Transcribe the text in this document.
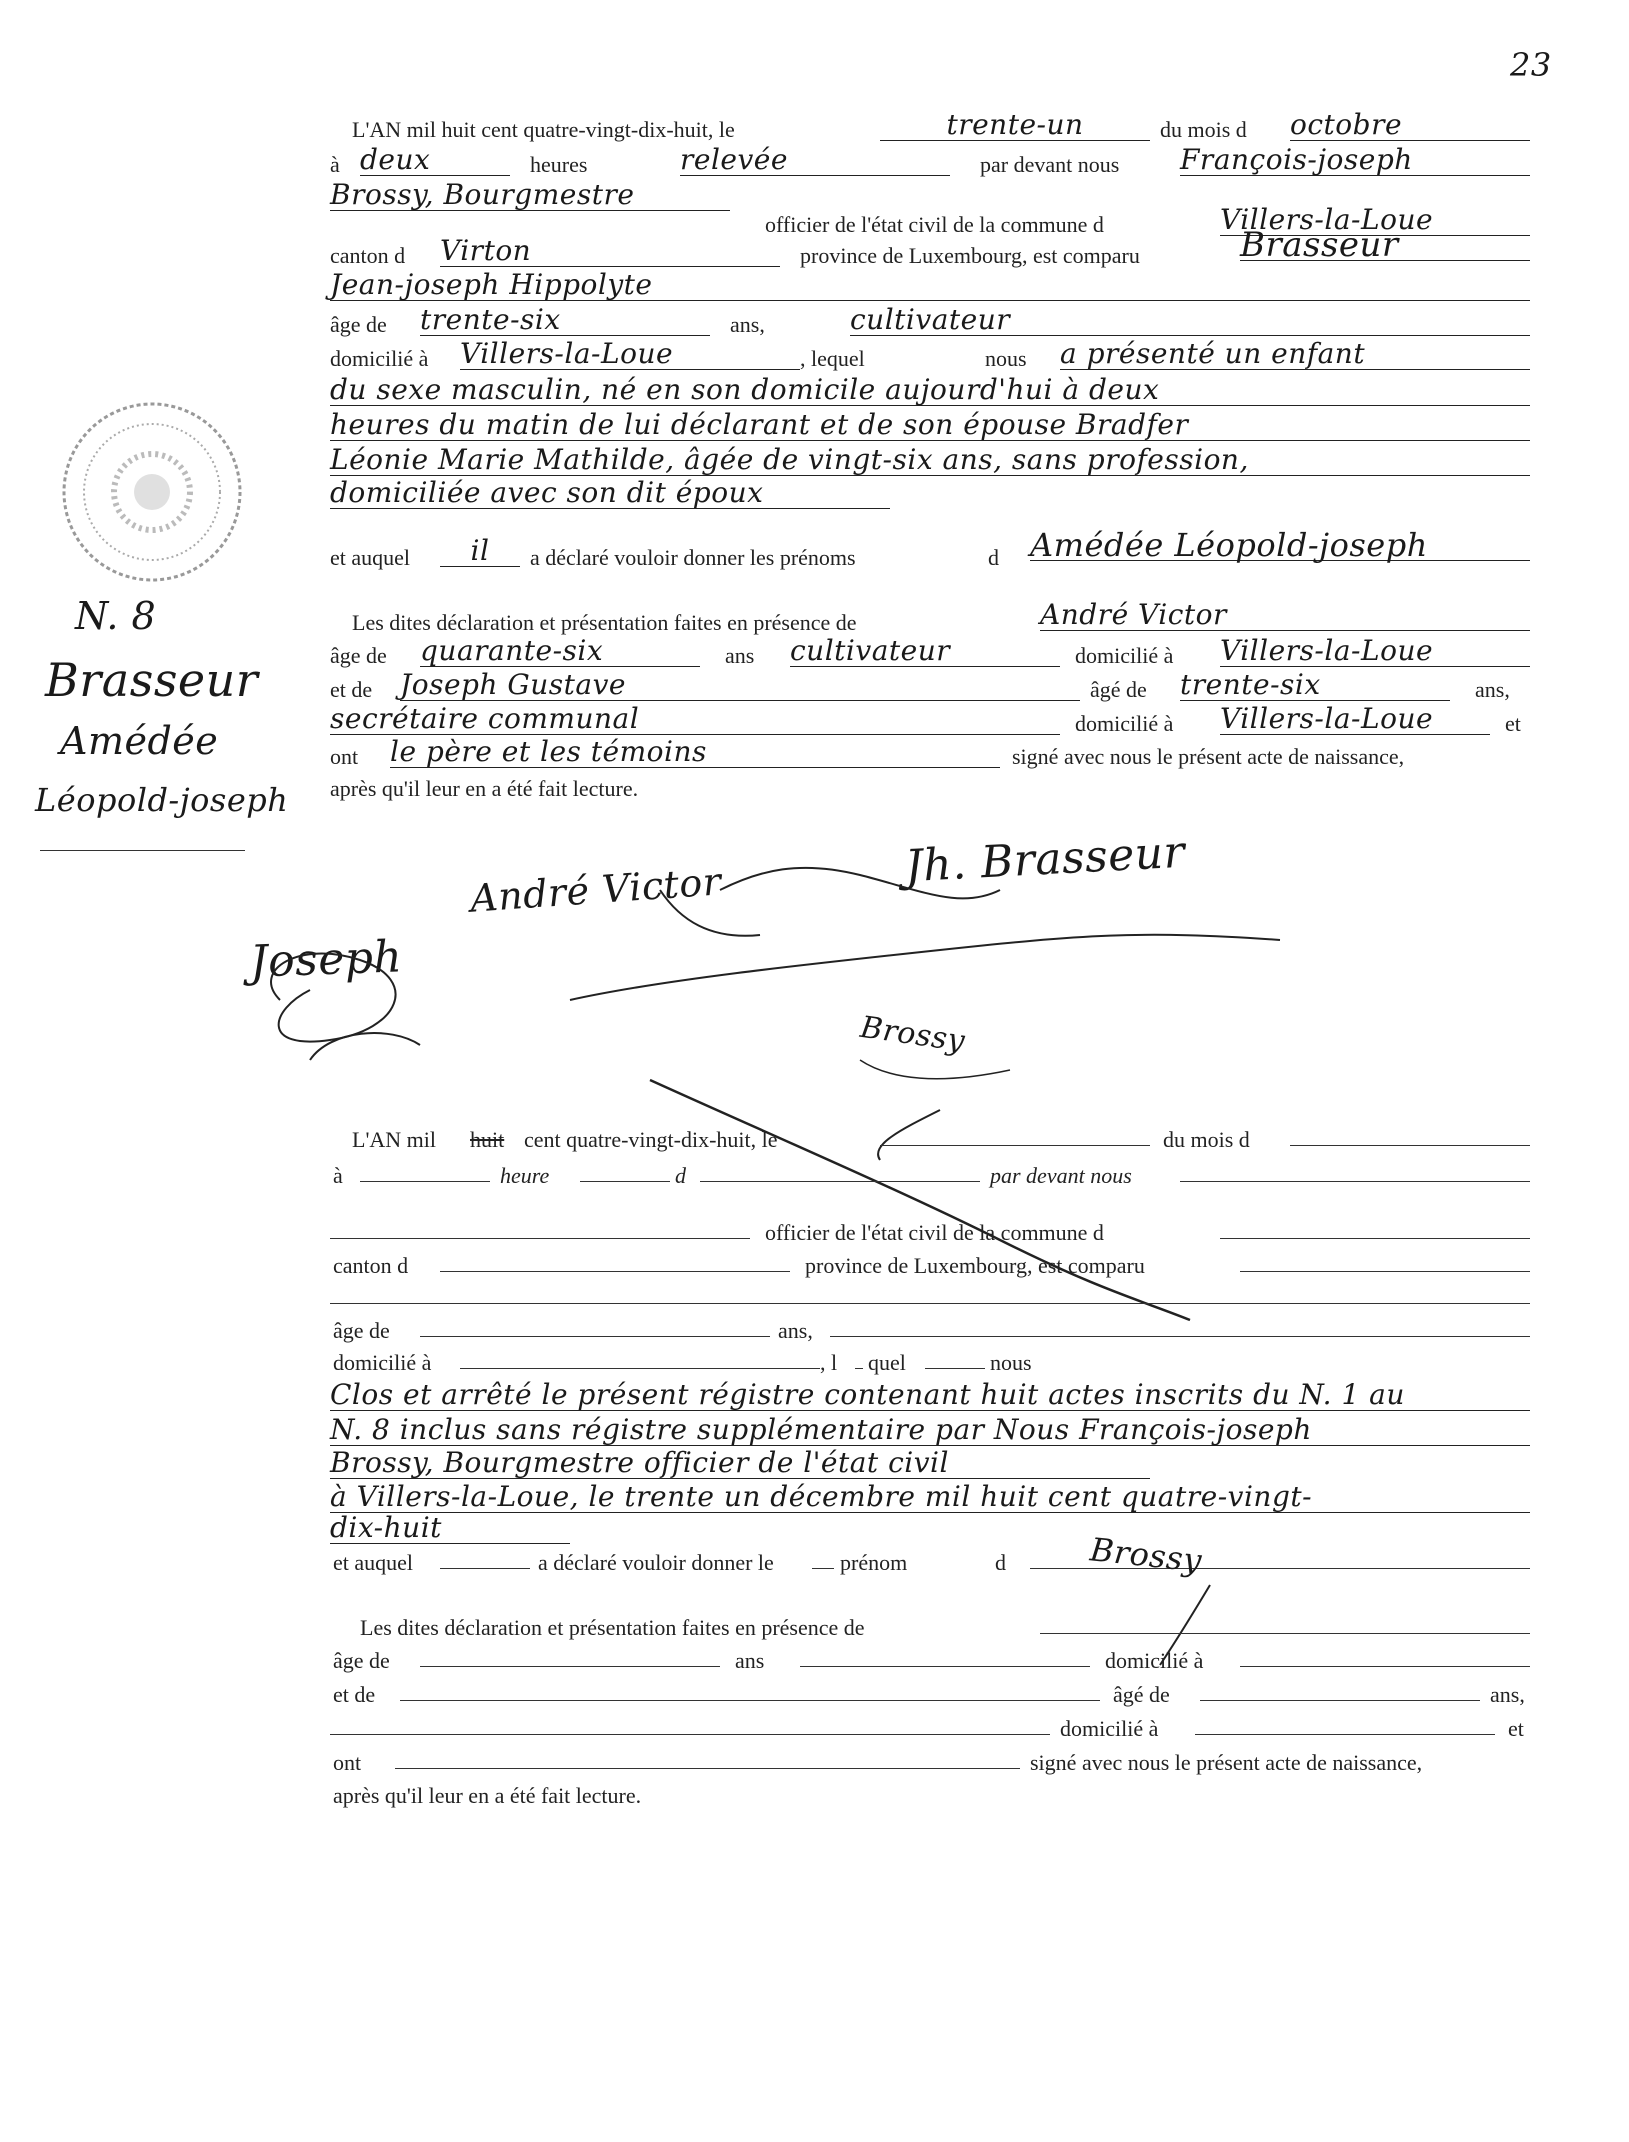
23
N. 8
Brasseur
Amédée
Léopold-joseph
L'AN mil huit cent quatre-vingt-dix-huit, le	trente-un	du mois d octobre
à deux	heures	relevée	par devant nous François-joseph
Brossy, Bourgmestre
officier de l'état civil de la commune d	Villers-la-Loue
canton d Virton	province de Luxembourg, est comparu	Brasseur
Jean-joseph Hippolyte
âge de trente-six	ans,	cultivateur
domicilié à Villers-la-Loue	, lequel	nous a présenté un enfant
du sexe masculin, né en son domicile aujourd'hui à deux
heures du matin de lui déclarant et de son épouse Bradfer
Léonie Marie Mathilde, âgée de vingt-six ans, sans profession,
domiciliée avec son dit époux
et auquel	il	a déclaré vouloir donner les prénoms	d Amédée Léopold-joseph
Les dites déclaration et présentation faites en présence de	André Victor
âge de quarante-six	ans cultivateur	domicilié à Villers-la-Loue
et de Joseph Gustave	âgé de trente-six	ans,
secrétaire communal	domicilié à Villers-la-Loue	et
ont le père et les témoins	signé avec nous le présent acte de naissance,
après qu'il leur en a été fait lecture.
André Victor	Jh. Brasseur
Joseph
Brossy
L'AN mil huit cent quatre-vingt-dix-huit, le	du mois d
à	heure	d	par devant nous
officier de l'état civil de la commune d
canton d	province de Luxembourg, est comparu
âge de	ans,
domicilié à	, l quel	nous
Clos et arrêté le présent régistre contenant huit actes inscrits du N. 1 au
N. 8 inclus sans régistre supplémentaire par Nous François-joseph
Brossy, Bourgmestre officier de l'état civil
à Villers-la-Loue, le trente un décembre mil huit cent quatre-vingt-
dix-huit
et auquel	a déclaré vouloir donner le	prénom	d	Brossy
Les dites déclaration et présentation faites en présence de
âge de	ans	domicilié à
et de	âgé de	ans,
domicilié à	et
ont	signé avec nous le présent acte de naissance,
après qu'il leur en a été fait lecture.
